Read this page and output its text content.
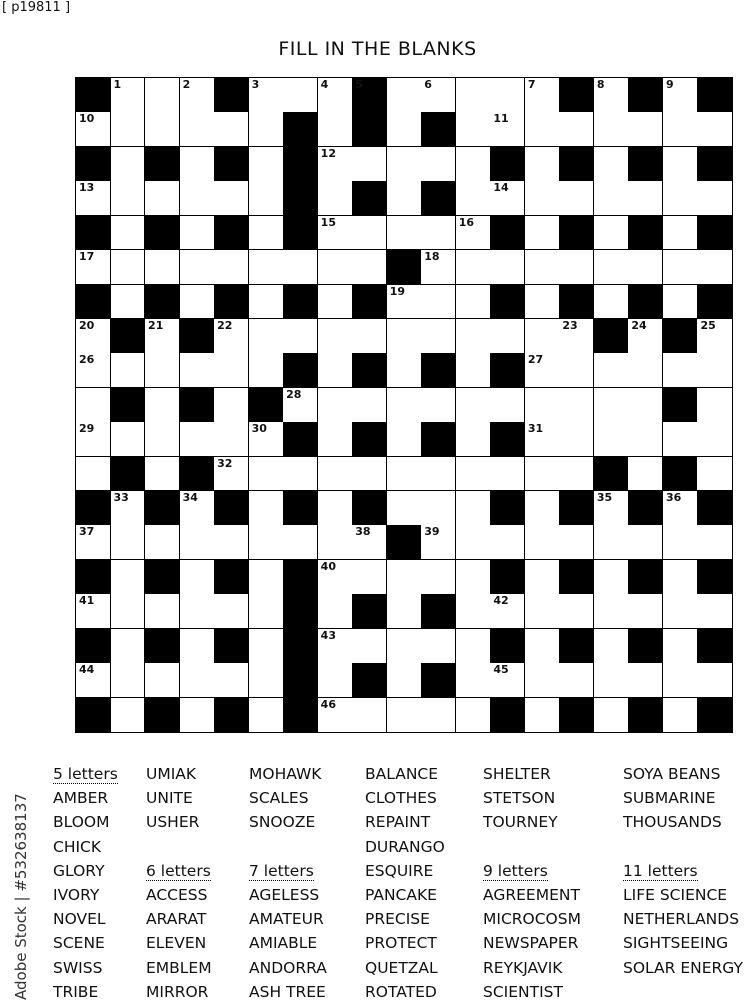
[ p19811 ]
FILL IN THE BLANKS
1	2	3	4 5	6	7	8	9
10	11
12
13	14
15	16
17	18
19
20	21	22	23	24	25
26	27
28
29	30	31
32
33	34	35	36
37	38	39
40
41	42
43
44	45
46
5 letters
AMBER
BLOOM
CHICK
GLORY
IVORY
NOVEL
SCENE
SWISS
TRIBE
UMIAK
UNITE
USHER

6 letters
ACCESS
ARARAT
ELEVEN
EMBLEM
MIRROR
MOHAWK
SCALES
SNOOZE

7 letters
AGELESS
AMATEUR
AMIABLE
ANDORRA
ASH TREE
BALANCE
CLOTHES
REPAINT
DURANGO
ESQUIRE
PANCAKE
PRECISE
PROTECT
QUETZAL
ROTATED
SHELTER
STETSON
TOURNEY

9 letters
AGREEMENT
MICROCOSM
NEWSPAPER
REYKJAVIK
SCIENTIST
SOYA BEANS
SUBMARINE
THOUSANDS

11 letters
LIFE SCIENCE
NETHERLANDS
SIGHTSEEING
SOLAR ENERGY

Adobe Stock | #532638137
